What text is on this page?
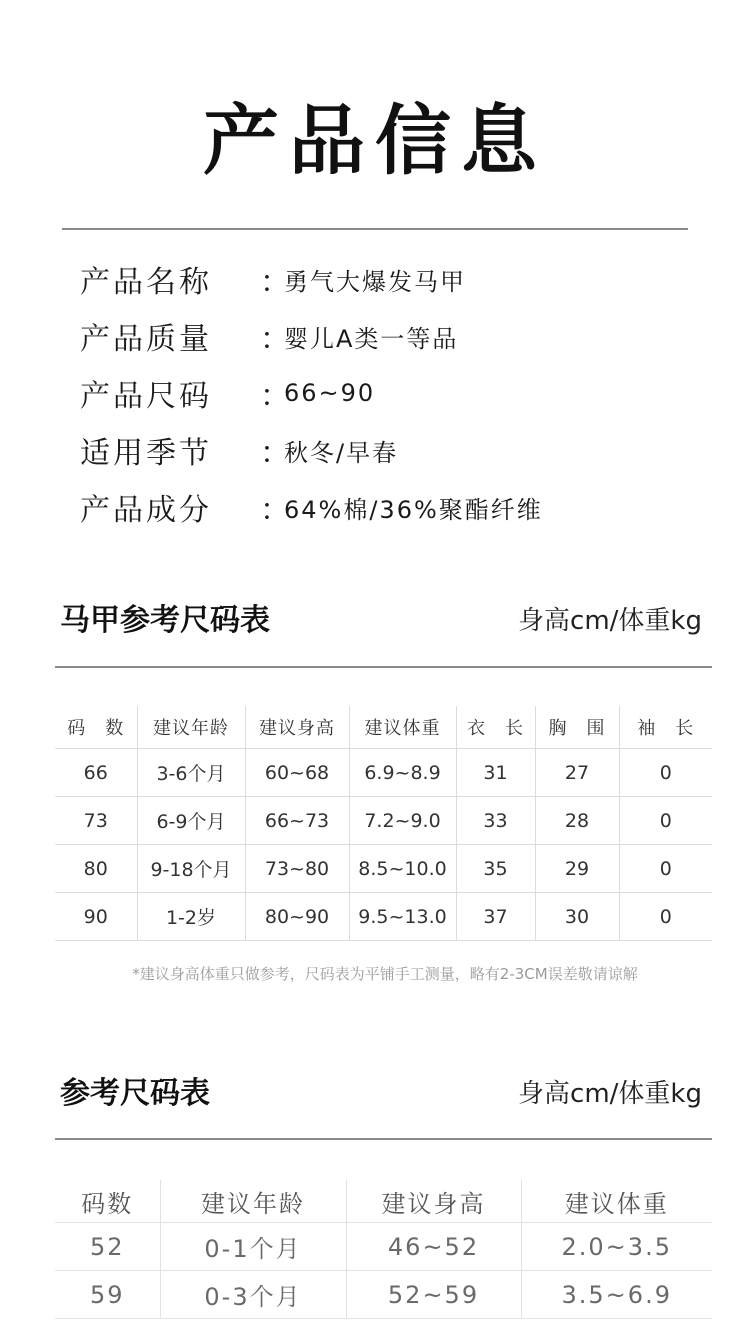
产品信息
产品名称	：
勇气大爆发马甲
产品质量	：
婴儿A类一等品
产品尺码	：
66~90
适用季节	：
秋冬/早春
产品成分	：
64%棉/36%聚酯纤维
马甲参考尺码表	身高cm/体重kg
码　数	建议年龄	建议身高	建议体重	衣　长	胸　围	袖　长
66	3-6个月	60~68	6.9~8.9	31	27	0
73	6-9个月	66~73	7.2~9.0	33	28	0
80	9-18个月	73~80	8.5~10.0	35	29	0
90	1-2岁	80~90	9.5~13.0	37	30	0
*建议身高体重只做参考，尺码表为平铺手工测量，略有2-3CM误差敬请谅解
参考尺码表	身高cm/体重kg
码数	建议年龄	建议身高	建议体重
52	0-1个月	46~52	2.0~3.5
59	0-3个月	52~59	3.5~6.9
